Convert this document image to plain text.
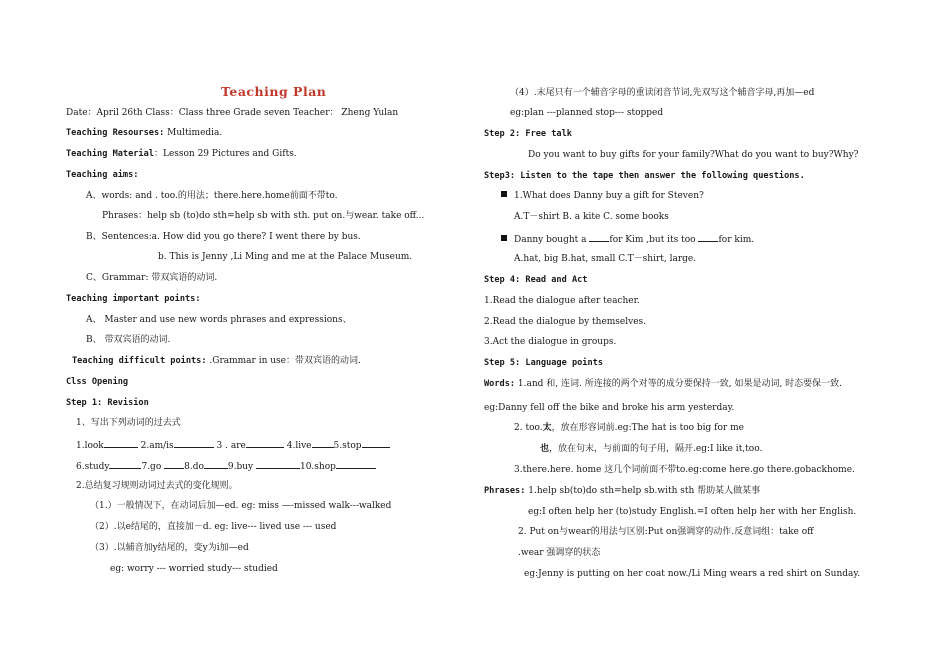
Teaching Plan
Date：April 26th Class：Class three Grade seven Teacher： Zheng Yulan
Teaching Resourses: Multimedia.
Teaching Material：Lesson 29 Pictures and Gifts.
Teaching aims:
A、words: and . too.的用法；there.here.home前面不带to.
Phrases：help sb (to)do sth=help sb with sth. put on.与wear. take off...
B、Sentences:a. How did you go there? I went there by bus.
b. This is Jenny ,Li Ming and me at the Palace Museum.
C、Grammar: 带双宾语的动词.
Teaching important points:
A、 Master and use new words phrases and expressions、
B、 带双宾语的动词.
Teaching difficult points: .Grammar in use：带双宾语的动词.
Clss Opening
Step 1: Revision
1、写出下列动词的过去式
1.look	2.am/is	3 . are	4.live 5.stop
6.study	7.go 8.do	9.buy	10.shop
2.总结复习规则动词过去式的变化规则。
（1.）一般情况下，在动词后加—ed. eg: miss —-missed walk---walked
（2）.以e结尾的，直接加－d. eg: live--- lived use --- used
（3）.以辅音加y结尾的，变y为i加—ed
eg: worry --- worried study--- studied
（4）.末尾只有一个辅音字母的重读闭音节词,先双写这个辅音字母,再加—ed
eg:plan ---planned stop--- stopped
Step 2: Free talk
Do you want to buy gifts for your family?What do you want to buy?Why?
Step3: Listen to the tape then answer the following questions.
1.What does Danny buy a gift for Steven?
A.T－shirt B. a kite C. some books
Danny bought a for Kim ,but its too for kim.
A.hat, big B.hat, small C.T－shirt, large.
Step 4: Read and Act
1.Read the dialogue after teacher.
2.Read the dialogue by themselves.
3.Act the dialogue in groups.
Step 5: Language points
Words: 1.and 和, 连词. 所连接的两个对等的成分要保持一致, 如果是动词, 时态要保一致.
eg:Danny fell off the bike and broke his arm yesterday.
2. too.太，放在形容词前.eg:The hat is too big for me
也，放在句末，与前面的句子用，隔开.eg:I like it,too.
3.there.here. home 这几个词前面不带to.eg:come here.go there.gobackhome.
Phrases: 1.help sb(to)do sth=help sb.with sth 帮助某人做某事
eg:I often help her (to)study English.=I often help her with her English.
2. Put on与wear的用法与区别:Put on强调穿的动作.反意词组：take off
.wear 强调穿的状态
eg:Jenny is putting on her coat now./Li Ming wears a red shirt on Sunday.
